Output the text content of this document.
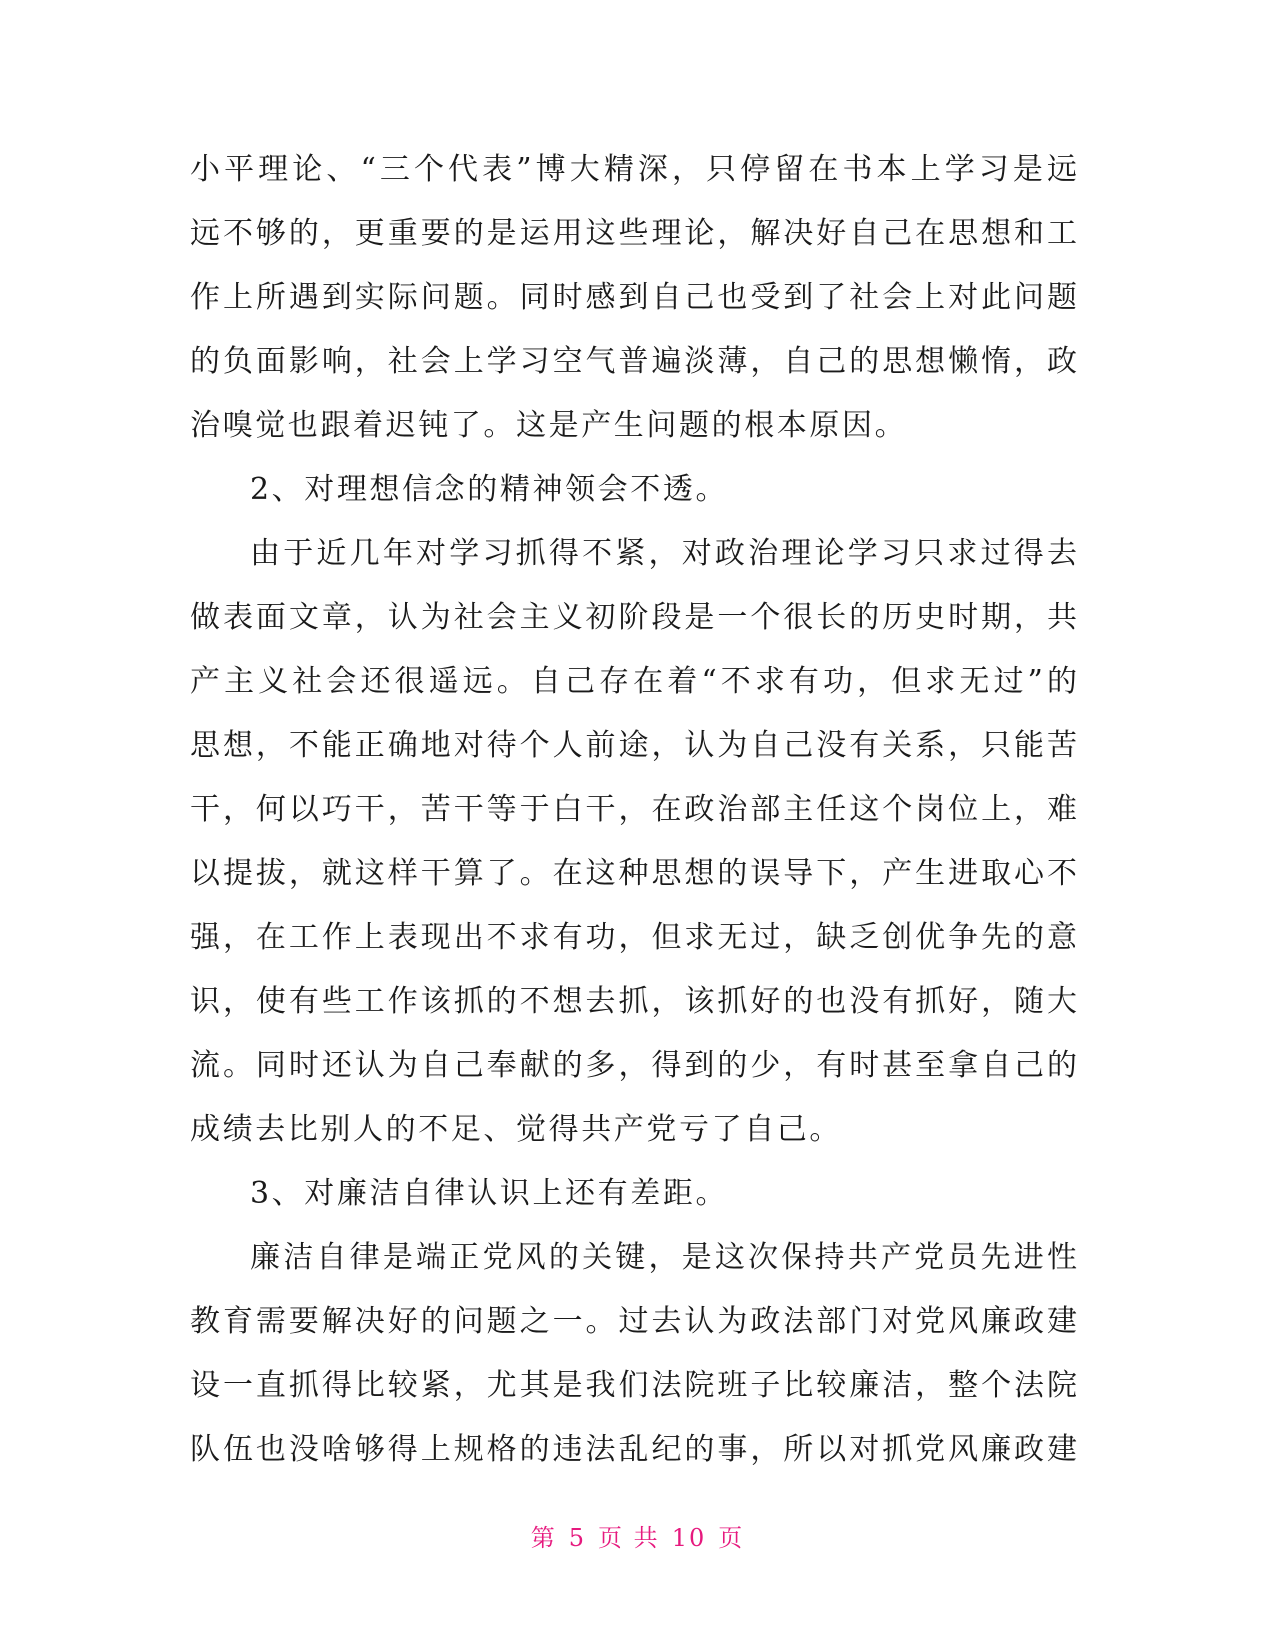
小平理论、“三个代表”博大精深，只停留在书本上学习是远
远不够的，更重要的是运用这些理论，解决好自己在思想和工
作上所遇到实际问题。同时感到自己也受到了社会上对此问题
的负面影响，社会上学习空气普遍淡薄，自己的思想懒惰，政
治嗅觉也跟着迟钝了。这是产生问题的根本原因。
2、对理想信念的精神领会不透。
由于近几年对学习抓得不紧，对政治理论学习只求过得去
做表面文章，认为社会主义初阶段是一个很长的历史时期，共
产主义社会还很遥远。自己存在着“不求有功，但求无过”的
思想，不能正确地对待个人前途，认为自己没有关系，只能苦
干，何以巧干，苦干等于白干，在政治部主任这个岗位上，难
以提拔，就这样干算了。在这种思想的误导下，产生进取心不
强，在工作上表现出不求有功，但求无过，缺乏创优争先的意
识，使有些工作该抓的不想去抓，该抓好的也没有抓好，随大
流。同时还认为自己奉献的多，得到的少，有时甚至拿自己的
成绩去比别人的不足、觉得共产党亏了自己。
3、对廉洁自律认识上还有差距。
廉洁自律是端正党风的关键，是这次保持共产党员先进性
教育需要解决好的问题之一。过去认为政法部门对党风廉政建
设一直抓得比较紧，尤其是我们法院班子比较廉洁，整个法院
队伍也没啥够得上规格的违法乱纪的事，所以对抓党风廉政建
第 5 页 共 10 页
